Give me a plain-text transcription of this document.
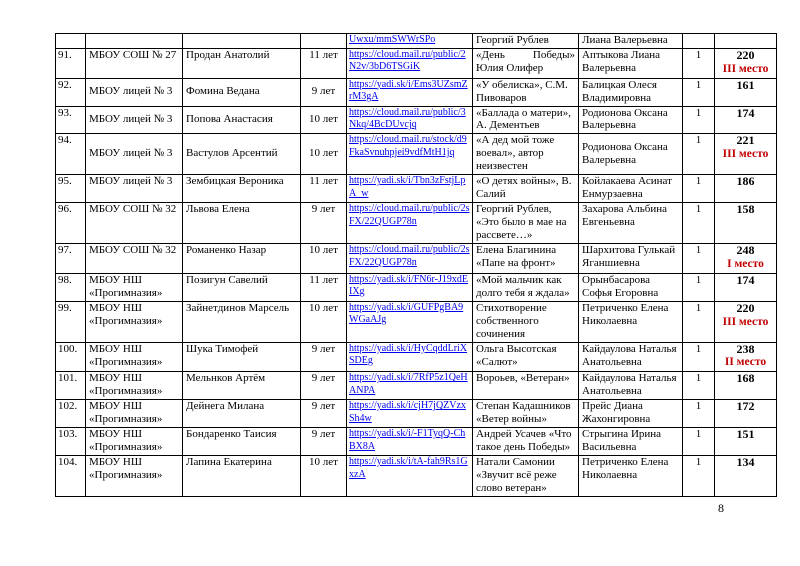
				Uwxu/mmSWWrSPo	Георгий Рублев	Лиана Валерьевна		
91.	МБОУ СОШ № 27	Продан Анатолий	11 лет	https://cloud.mail.ru/public/2N2v/3bD6TSGiK	«День Победы» Юлия Олифер	Аптыкова Лиана Валерьевна	1	220
III место

92.	МБОУ лицей № 3	Фомина Ведана	9 лет	https://yadi.sk/i/Ems3UZsmZrM3gA	«У обелиска», С.М. Пивоваров	Балицкая Олеся Владимировна	1	161

93.	МБОУ лицей № 3	Попова Анастасия	10 лет	https://cloud.mail.ru/public/3Nkq/4BcDUvcjq	«Баллада о матери», А. Дементьев	Родионова Оксана Валерьевна	1	174

94.	МБОУ лицей № 3	Вастулов Арсентий	10 лет	https://cloud.mail.ru/stock/d9FkaSvnuhpjei9vdfMtH1jq	«А дед мой тоже воевал», автор неизвестен	Родионова Оксана Валерьевна	1	221
III место

95.	МБОУ лицей № 3	Зембицкая Вероника	11 лет	https://yadi.sk/i/Tbn3zFstjLpA_w	«О детях войны», В. Салий	Койлакаева Асинат Енмурзаевна	1	186

96.	МБОУ СОШ № 32	Львова Елена	9 лет	https://cloud.mail.ru/public/2sFX/22QUGP78n	Георгий Рублев, «Это было в мае на рассвете…»	Захарова Альбина Евгеньевна	1	158

97.	МБОУ СОШ № 32	Романенко Назар	10 лет	https://cloud.mail.ru/public/2sFX/22QUGP78n	Елена Благинина «Папе на фронт»	Шархитова Гулькай Яганшиевна	1	248
I место

98.	МБОУ НШ «Прогимназия»	Позигун Савелий	11 лет	https://yadi.sk/i/FN6r-J19xdEIXg	«Мой мальчик как долго тебя я ждала»	Орынбасарова Софья Егоровна	1	174

99.	МБОУ НШ «Прогимназия»	Зайнетдинов Марсель	10 лет	https://yadi.sk/i/GUFPgBA9WGaAJg	Стихотворение собственного сочинения	Петриченко Елена Николаевна	1	220
III место

100.	МБОУ НШ «Прогимназия»	Шука Тимофей	9 лет	https://yadi.sk/i/HyCqddLriXSDEg	Ольга Высотская «Салют»	Кайдаулова Наталья Анатольевна	1	238
II место

101.	МБОУ НШ «Прогимназия»	Мельнков Артём	9 лет	https://yadi.sk/i/7RfP5z1QeHANPA	Вороьев, «Ветеран»	Кайдаулова Наталья Анатольевна	1	168

102.	МБОУ НШ «Прогимназия»	Дейнега Милана	9 лет	https://yadi.sk/i/cjH7jQZVzxSh4w	Степан Кадашников «Ветер войны»	Прейс Диана Жахонгировна	1	172

103.	МБОУ НШ «Прогимназия»	Бондаренко Таисия	9 лет	https://yadi.sk/i/-F1TyqQ-ChBX8A	Андрей Усачев «Что такое день Победы»	Стрыгина Ирина Васильевна	1	151

104.	МБОУ НШ «Прогимназия»	Лапина Екатерина	10 лет	https://yadi.sk/i/tA-fah9Rs1GxzA	Натали Самонии «Звучит всё реже слово ветеран»	Петриченко Елена Николаевна	1	134
8
